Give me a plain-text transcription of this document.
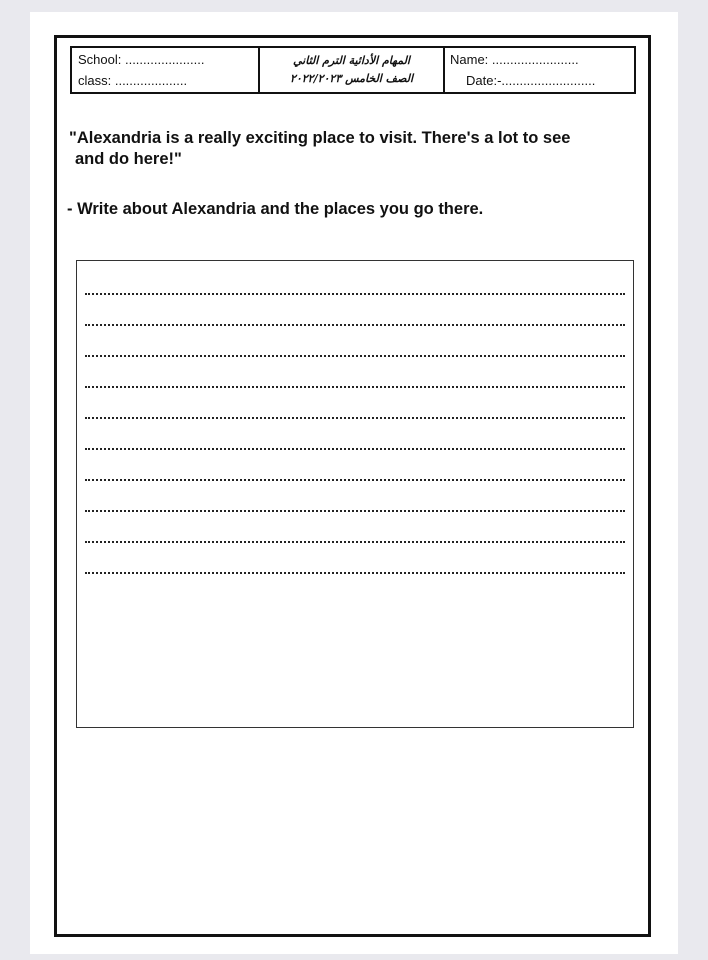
School: ......................
class: ....................
المهام الأدائية الترم الثاني
الصف الخامس ٢٠٢٢/٢٠٢٣
Name: ........................
Date:-..........................
"Alexandria is a really exciting place to visit. There's a lot to see
and do here!"
- Write about Alexandria and the places you go there.
